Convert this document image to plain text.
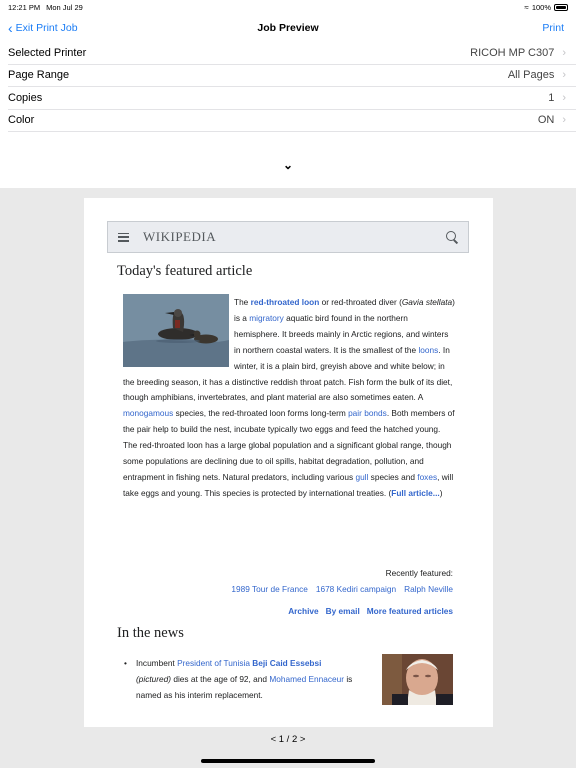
12:21 PM Mon Jul 29	≈ 100%
‹ Exit Print Job	Job Preview	Print
Selected Printer	RICOH MP C307 ›
Page Range	All Pages ›
Copies	1 ›
Color	ON ›
⌄
WIKIPEDIA
Today's featured article
The red-throated loon or red-throated diver (Gavia stellata) is a migratory aquatic bird found in the northern hemisphere. It breeds mainly in Arctic regions, and winters in northern coastal waters. It is the smallest of the loons. In winter, it is a plain bird, greyish above and white below; in the breeding season, it has a distinctive reddish throat patch. Fish form the bulk of its diet, though amphibians, invertebrates, and plant material are also sometimes eaten. A monogamous species, the red-throated loon forms long-term pair bonds. Both members of the pair help to build the nest, incubate typically two eggs and feed the hatched young. The red-throated loon has a large global population and a significant global range, though some populations are declining due to oil spills, habitat degradation, pollution, and entrapment in fishing nets. Natural predators, including various gull species and foxes, will take eggs and young. This species is protected by international treaties. (Full article...)
Recently featured:
1989 Tour de France 1678 Kediri campaign Ralph Neville
Archive By email More featured articles
In the news
• Incumbent President of Tunisia Beji Caid Essebsi
(pictured) dies at the age of 92, and Mohamed Ennaceur is named as his interim replacement.
< 1 / 2 >
